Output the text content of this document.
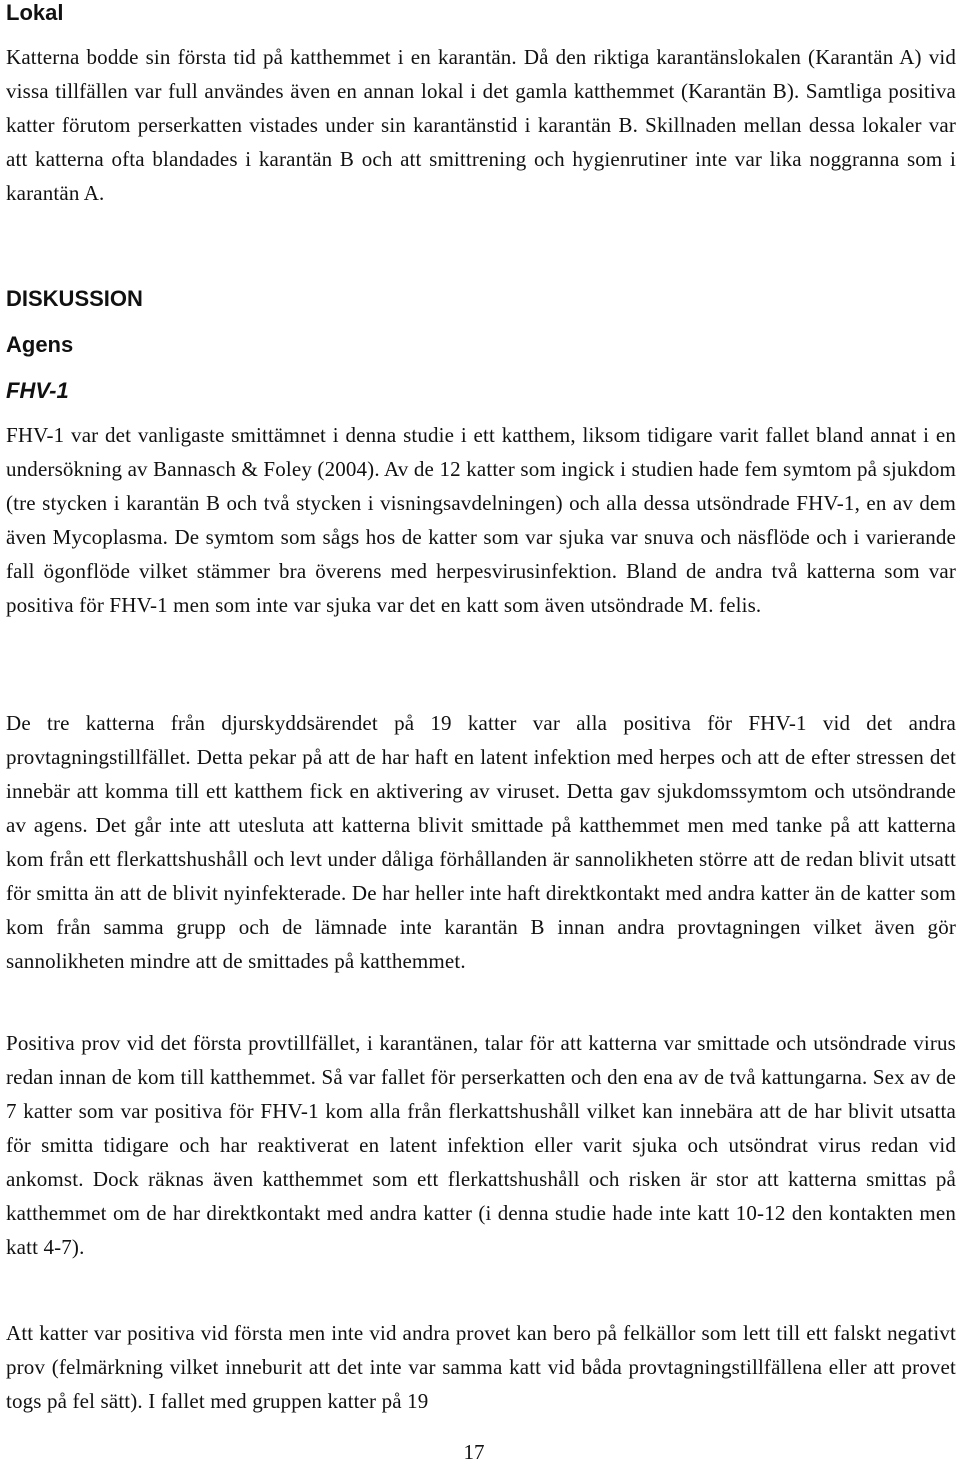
Lokal

Katterna bodde sin första tid på katthemmet i en karantän. Då den riktiga karantänslokalen (Karantän A) vid vissa tillfällen var full användes även en annan lokal i det gamla katthemmet (Karantän B). Samtliga positiva katter förutom perserkatten vistades under sin karantänstid i karantän B. Skillnaden mellan dessa lokaler var att katterna ofta blandades i karantän B och att smittrening och hygienrutiner inte var lika noggranna som i karantän A.

DISKUSSION
Agens
FHV-1

FHV-1 var det vanligaste smittämnet i denna studie i ett katthem, liksom tidigare varit fallet bland annat i en undersökning av Bannasch & Foley (2004). Av de 12 katter som ingick i studien hade fem symtom på sjukdom (tre stycken i karantän B och två stycken i visningsavdelningen) och alla dessa utsöndrade FHV-1, en av dem även Mycoplasma. De symtom som sågs hos de katter som var sjuka var snuva och näsflöde och i varierande fall ögonflöde vilket stämmer bra överens med herpesvirusinfektion. Bland de andra två katterna som var positiva för FHV-1 men som inte var sjuka var det en katt som även utsöndrade M. felis.

De tre katterna från djurskyddsärendet på 19 katter var alla positiva för FHV-1 vid det andra provtagningstillfället. Detta pekar på att de har haft en latent infektion med herpes och att de efter stressen det innebär att komma till ett katthem fick en aktivering av viruset. Detta gav sjukdomssymtom och utsöndrande av agens. Det går inte att utesluta att katterna blivit smittade på katthemmet men med tanke på att katterna kom från ett flerkattshushåll och levt under dåliga förhållanden är sannolikheten större att de redan blivit utsatt för smitta än att de blivit nyinfekterade. De har heller inte haft direktkontakt med andra katter än de katter som kom från samma grupp och de lämnade inte karantän B innan andra provtagningen vilket även gör sannolikheten mindre att de smittades på katthemmet.

Positiva prov vid det första provtillfället, i karantänen, talar för att katterna var smittade och utsöndrade virus redan innan de kom till katthemmet. Så var fallet för perserkatten och den ena av de två kattungarna. Sex av de 7 katter som var positiva för FHV-1 kom alla från flerkattshushåll vilket kan innebära att de har blivit utsatta för smitta tidigare och har reaktiverat en latent infektion eller varit sjuka och utsöndrat virus redan vid ankomst. Dock räknas även katthemmet som ett flerkattshushåll och risken är stor att katterna smittas på katthemmet om de har direktkontakt med andra katter (i denna studie hade inte katt 10-12 den kontakten men katt 4-7).

Att katter var positiva vid första men inte vid andra provet kan bero på felkällor som lett till ett falskt negativt prov (felmärkning vilket inneburit att det inte var samma katt vid båda provtagningstillfällena eller att provet togs på fel sätt). I fallet med gruppen katter på 19

17
